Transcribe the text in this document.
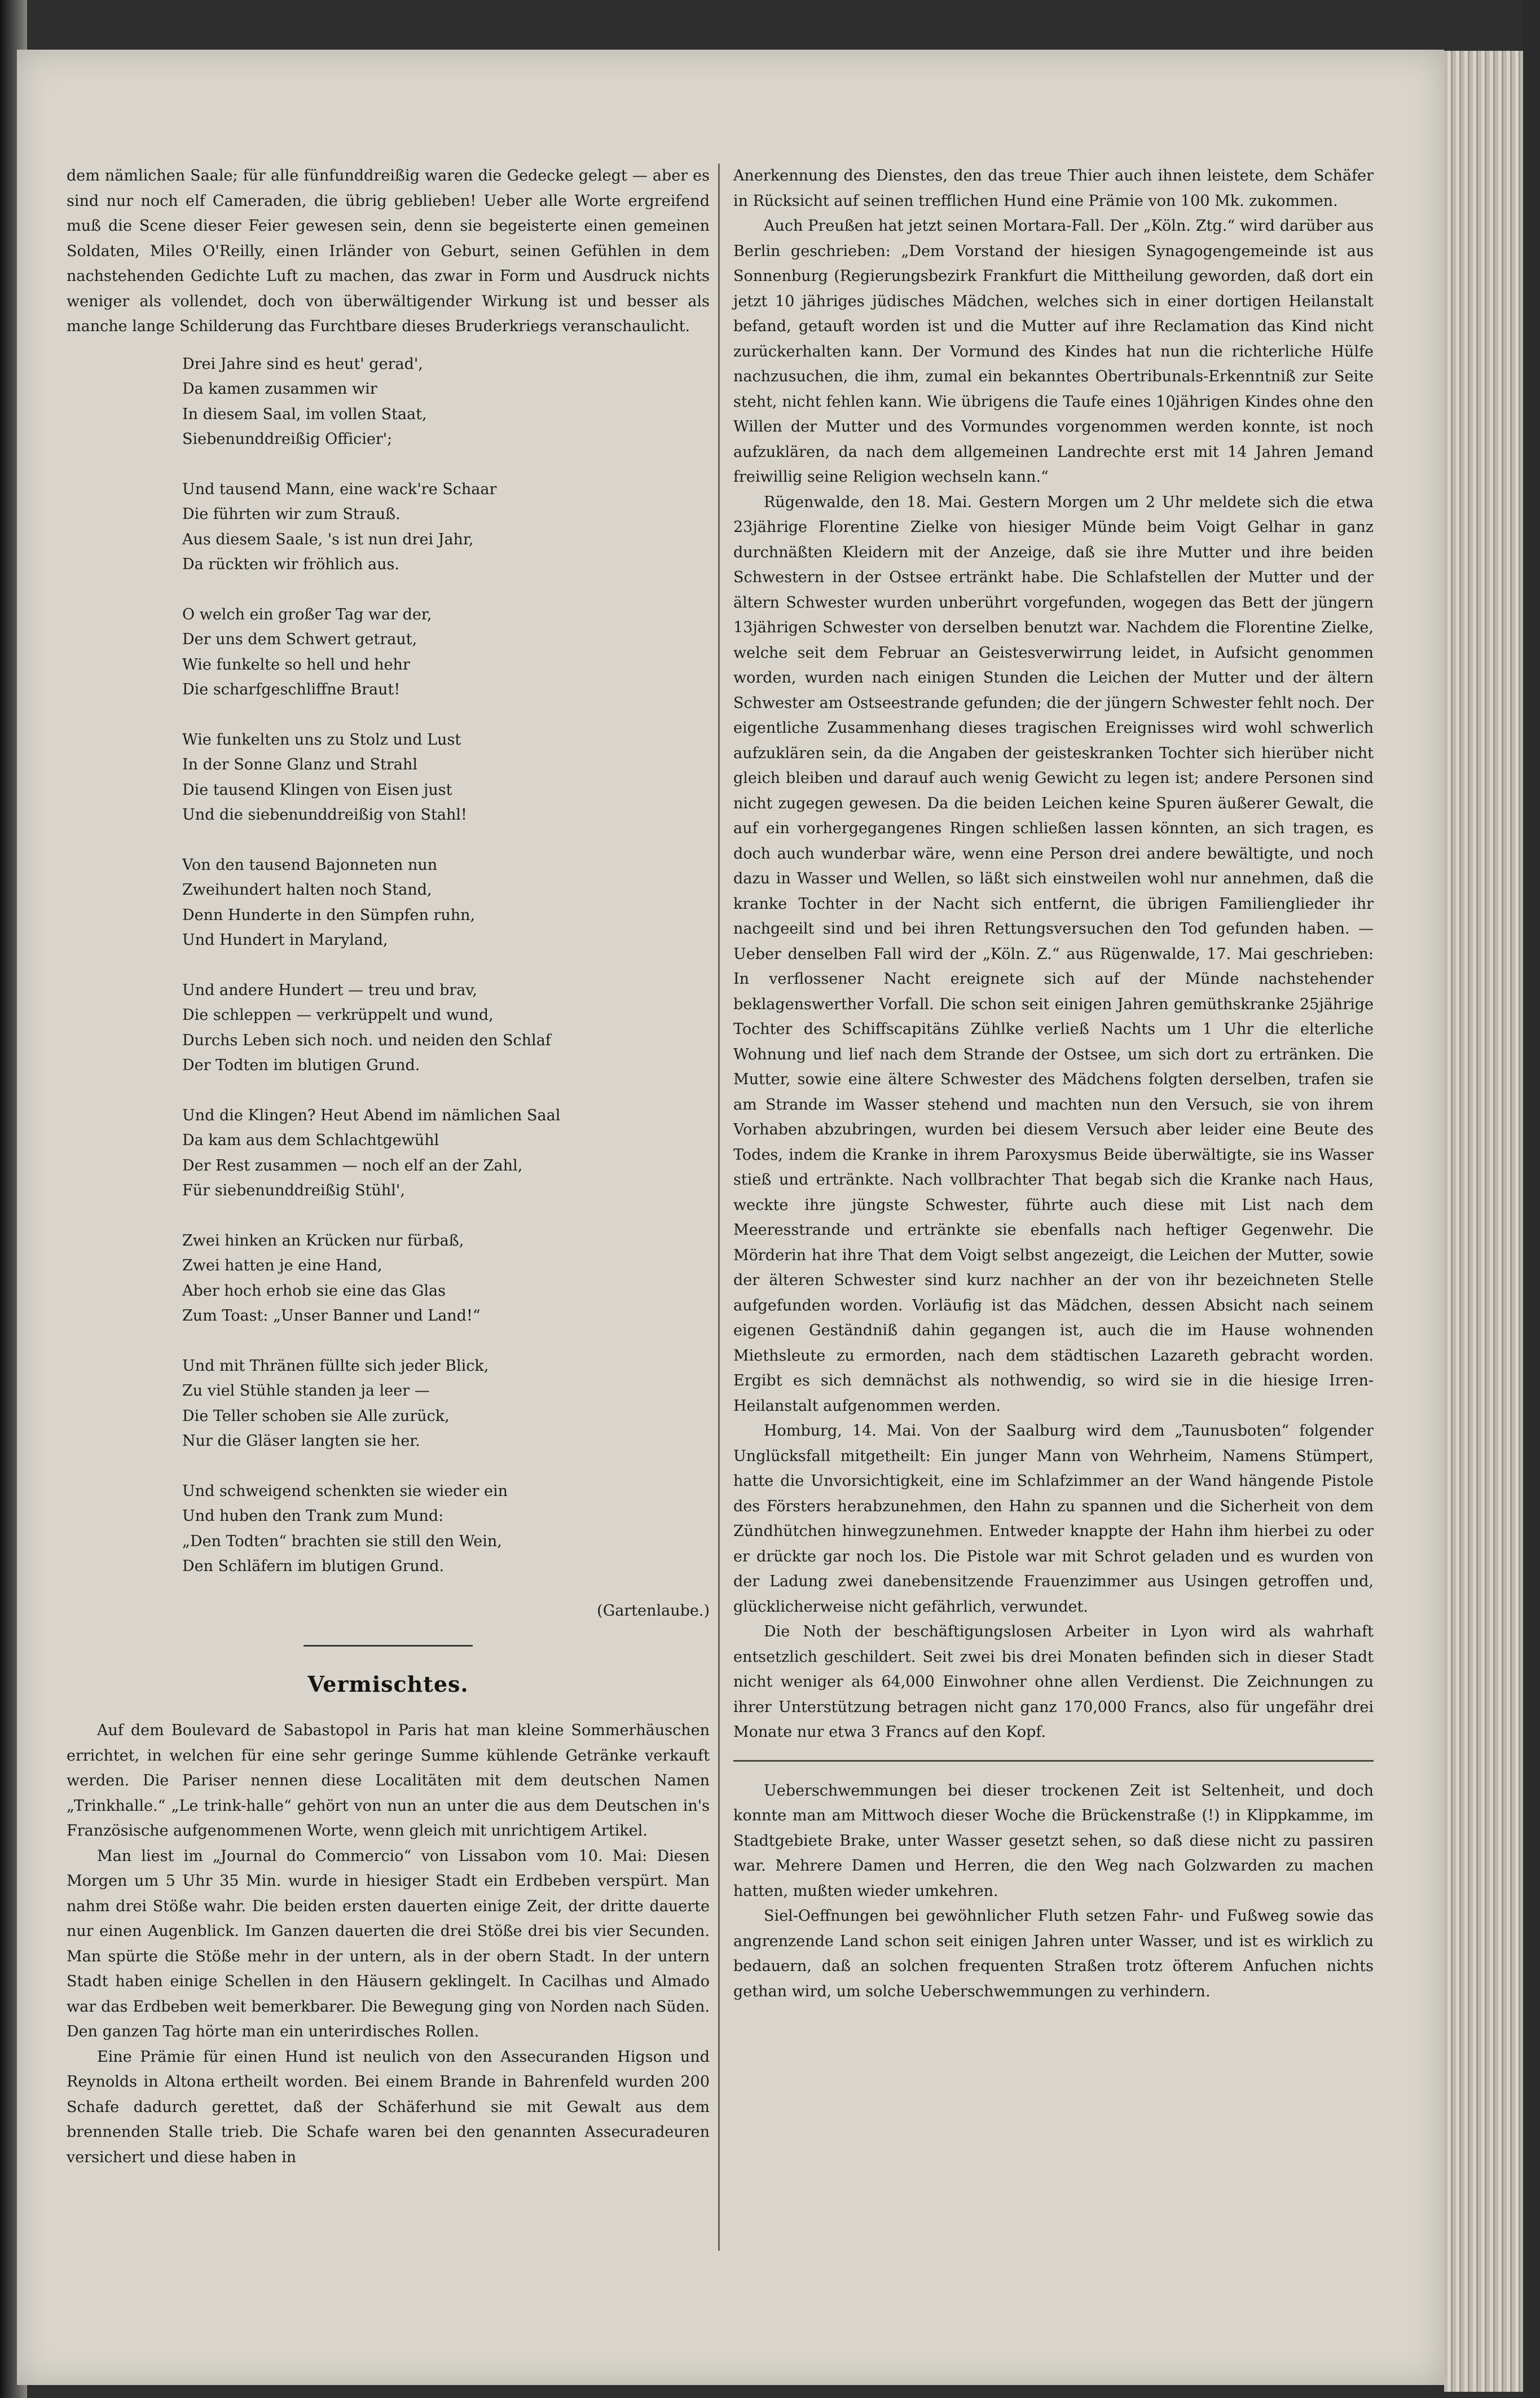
dem nämlichen Saale; für alle fünfunddreißig waren die Gedecke gelegt — aber es sind nur noch elf Cameraden, die übrig geblieben! Ueber alle Worte ergreifend muß die Scene dieser Feier gewesen sein, denn sie begeisterte einen gemeinen Soldaten, Miles O'Reilly, einen Irländer von Geburt, seinen Gefühlen in dem nachstehenden Gedichte Luft zu machen, das zwar in Form und Ausdruck nichts weniger als vollendet, doch von überwältigender Wirkung ist und besser als manche lange Schilderung das Furchtbare dieses Bruderkriegs veranschaulicht.

Drei Jahre sind es heut' gerad',
Da kamen zusammen wir
In diesem Saal, im vollen Staat,
Siebenunddreißig Officier';
Und tausend Mann, eine wack're Schaar
Die führten wir zum Strauß.
Aus diesem Saale, 's ist nun drei Jahr,
Da rückten wir fröhlich aus.
O welch ein großer Tag war der,
Der uns dem Schwert getraut,
Wie funkelte so hell und hehr
Die scharfgeschliffne Braut!
Wie funkelten uns zu Stolz und Lust
In der Sonne Glanz und Strahl
Die tausend Klingen von Eisen just
Und die siebenunddreißig von Stahl!
Von den tausend Bajonneten nun
Zweihundert halten noch Stand,
Denn Hunderte in den Sümpfen ruhn,
Und Hundert in Maryland,
Und andere Hundert — treu und brav,
Die schleppen — verkrüppelt und wund,
Durchs Leben sich noch. und neiden den Schlaf
Der Todten im blutigen Grund.
Und die Klingen? Heut Abend im nämlichen Saal
Da kam aus dem Schlachtgewühl
Der Rest zusammen — noch elf an der Zahl,
Für siebenunddreißig Stühl',
Zwei hinken an Krücken nur fürbaß,
Zwei hatten je eine Hand,
Aber hoch erhob sie eine das Glas
Zum Toast: „Unser Banner und Land!“
Und mit Thränen füllte sich jeder Blick,
Zu viel Stühle standen ja leer —
Die Teller schoben sie Alle zurück,
Nur die Gläser langten sie her.
Und schweigend schenkten sie wieder ein
Und huben den Trank zum Mund:
„Den Todten“ brachten sie still den Wein,
Den Schläfern im blutigen Grund.

(Gartenlaube.)

Vermischtes.

Auf dem Boulevard de Sabastopol in Paris hat man kleine Sommerhäuschen errichtet, in welchen für eine sehr geringe Summe kühlende Getränke verkauft werden. Die Pariser nennen diese Localitäten mit dem deutschen Namen „Trinkhalle.“ „Le trink-halle“ gehört von nun an unter die aus dem Deutschen in's Französische aufgenommenen Worte, wenn gleich mit unrichtigem Artikel.

Man liest im „Journal do Commercio“ von Lissabon vom 10. Mai: Diesen Morgen um 5 Uhr 35 Min. wurde in hiesiger Stadt ein Erdbeben verspürt. Man nahm drei Stöße wahr. Die beiden ersten dauerten einige Zeit, der dritte dauerte nur einen Augenblick. Im Ganzen dauerten die drei Stöße drei bis vier Secunden. Man spürte die Stöße mehr in der untern, als in der obern Stadt. In der untern Stadt haben einige Schellen in den Häusern geklingelt. In Cacilhas und Almado war das Erdbeben weit bemerkbarer. Die Bewegung ging von Norden nach Süden. Den ganzen Tag hörte man ein unterirdisches Rollen.

Eine Prämie für einen Hund ist neulich von den Assecuranden Higson und Reynolds in Altona ertheilt worden. Bei einem Brande in Bahrenfeld wurden 200 Schafe dadurch gerettet, daß der Schäferhund sie mit Gewalt aus dem brennenden Stalle trieb. Die Schafe waren bei den genannten Assecuradeuren versichert und diese haben in

Anerkennung des Dienstes, den das treue Thier auch ihnen leistete, dem Schäfer in Rücksicht auf seinen trefflichen Hund eine Prämie von 100 Mk. zukommen.

Auch Preußen hat jetzt seinen Mortara-Fall. Der „Köln. Ztg.“ wird darüber aus Berlin geschrieben: „Dem Vorstand der hiesigen Synagogengemeinde ist aus Sonnenburg (Regierungsbezirk Frankfurt die Mittheilung geworden, daß dort ein jetzt 10 jähriges jüdisches Mädchen, welches sich in einer dortigen Heilanstalt befand, getauft worden ist und die Mutter auf ihre Reclamation das Kind nicht zurückerhalten kann. Der Vormund des Kindes hat nun die richterliche Hülfe nachzusuchen, die ihm, zumal ein bekanntes Obertribunals-Erkenntniß zur Seite steht, nicht fehlen kann. Wie übrigens die Taufe eines 10jährigen Kindes ohne den Willen der Mutter und des Vormundes vorgenommen werden konnte, ist noch aufzuklären, da nach dem allgemeinen Landrechte erst mit 14 Jahren Jemand freiwillig seine Religion wechseln kann.“

Rügenwalde, den 18. Mai. Gestern Morgen um 2 Uhr meldete sich die etwa 23jährige Florentine Zielke von hiesiger Münde beim Voigt Gelhar in ganz durchnäßten Kleidern mit der Anzeige, daß sie ihre Mutter und ihre beiden Schwestern in der Ostsee ertränkt habe. Die Schlafstellen der Mutter und der ältern Schwester wurden unberührt vorgefunden, wogegen das Bett der jüngern 13jährigen Schwester von derselben benutzt war. Nachdem die Florentine Zielke, welche seit dem Februar an Geistesverwirrung leidet, in Aufsicht genommen worden, wurden nach einigen Stunden die Leichen der Mutter und der ältern Schwester am Ostseestrande gefunden; die der jüngern Schwester fehlt noch. Der eigentliche Zusammenhang dieses tragischen Ereignisses wird wohl schwerlich aufzuklären sein, da die Angaben der geisteskranken Tochter sich hierüber nicht gleich bleiben und darauf auch wenig Gewicht zu legen ist; andere Personen sind nicht zugegen gewesen. Da die beiden Leichen keine Spuren äußerer Gewalt, die auf ein vorhergegangenes Ringen schließen lassen könnten, an sich tragen, es doch auch wunderbar wäre, wenn eine Person drei andere bewältigte, und noch dazu in Wasser und Wellen, so läßt sich einstweilen wohl nur annehmen, daß die kranke Tochter in der Nacht sich entfernt, die übrigen Familienglieder ihr nachgeeilt sind und bei ihren Rettungsversuchen den Tod gefunden haben. — Ueber denselben Fall wird der „Köln. Z.“ aus Rügenwalde, 17. Mai geschrieben: In verflossener Nacht ereignete sich auf der Münde nachstehender beklagenswerther Vorfall. Die schon seit einigen Jahren gemüthskranke 25jährige Tochter des Schiffscapitäns Zühlke verließ Nachts um 1 Uhr die elterliche Wohnung und lief nach dem Strande der Ostsee, um sich dort zu ertränken. Die Mutter, sowie eine ältere Schwester des Mädchens folgten derselben, trafen sie am Strande im Wasser stehend und machten nun den Versuch, sie von ihrem Vorhaben abzubringen, wurden bei diesem Versuch aber leider eine Beute des Todes, indem die Kranke in ihrem Paroxysmus Beide überwältigte, sie ins Wasser stieß und ertränkte. Nach vollbrachter That begab sich die Kranke nach Haus, weckte ihre jüngste Schwester, führte auch diese mit List nach dem Meeresstrande und ertränkte sie ebenfalls nach heftiger Gegenwehr. Die Mörderin hat ihre That dem Voigt selbst angezeigt, die Leichen der Mutter, sowie der älteren Schwester sind kurz nachher an der von ihr bezeichneten Stelle aufgefunden worden. Vorläufig ist das Mädchen, dessen Absicht nach seinem eigenen Geständniß dahin gegangen ist, auch die im Hause wohnenden Miethsleute zu ermorden, nach dem städtischen Lazareth gebracht worden. Ergibt es sich demnächst als nothwendig, so wird sie in die hiesige Irren-Heilanstalt aufgenommen werden.

Homburg, 14. Mai. Von der Saalburg wird dem „Taunusboten“ folgender Unglücksfall mitgetheilt: Ein junger Mann von Wehrheim, Namens Stümpert, hatte die Unvorsichtigkeit, eine im Schlafzimmer an der Wand hängende Pistole des Försters herabzunehmen, den Hahn zu spannen und die Sicherheit von dem Zündhütchen hinwegzunehmen. Entweder knappte der Hahn ihm hierbei zu oder er drückte gar noch los. Die Pistole war mit Schrot geladen und es wurden von der Ladung zwei danebensitzende Frauenzimmer aus Usingen getroffen und, glücklicherweise nicht gefährlich, verwundet.

Die Noth der beschäftigungslosen Arbeiter in Lyon wird als wahrhaft entsetzlich geschildert. Seit zwei bis drei Monaten befinden sich in dieser Stadt nicht weniger als 64,000 Einwohner ohne allen Verdienst. Die Zeichnungen zu ihrer Unterstützung betragen nicht ganz 170,000 Francs, also für ungefähr drei Monate nur etwa 3 Francs auf den Kopf.

Ueberschwemmungen bei dieser trockenen Zeit ist Seltenheit, und doch konnte man am Mittwoch dieser Woche die Brückenstraße (!) in Klippkamme, im Stadtgebiete Brake, unter Wasser gesetzt sehen, so daß diese nicht zu passiren war. Mehrere Damen und Herren, die den Weg nach Golzwarden zu machen hatten, mußten wieder umkehren.

Siel-Oeffnungen bei gewöhnlicher Fluth setzen Fahr- und Fußweg sowie das angrenzende Land schon seit einigen Jahren unter Wasser, und ist es wirklich zu bedauern, daß an solchen frequenten Straßen trotz öfterem Anfuchen nichts gethan wird, um solche Ueberschwemmungen zu verhindern.
